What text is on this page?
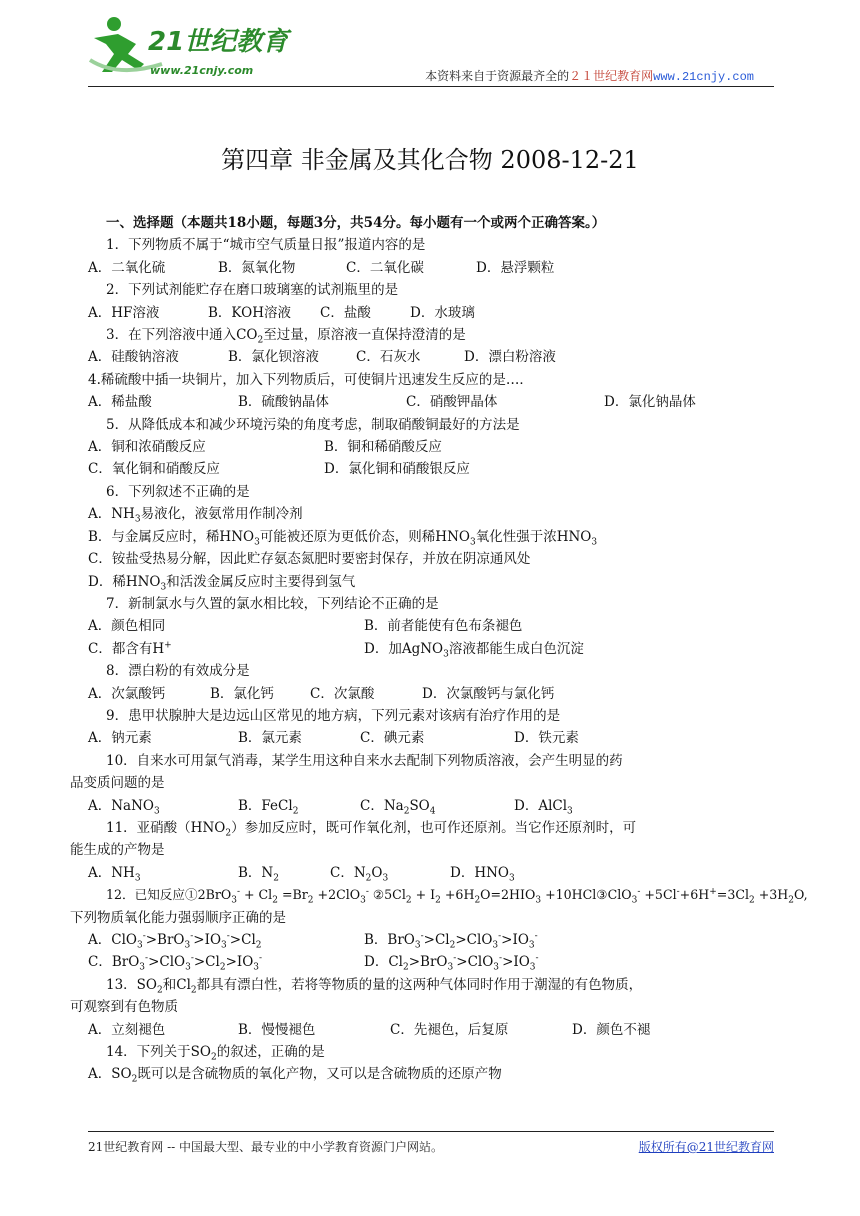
21世纪教育
www.21cnjy.com	本资料来自于资源最齐全的２１世纪教育网www.21cnjy.com
第四章 非金属及其化合物 2008-12-21
一、选择题（本题共18小题，每题3分，共54分。每小题有一个或两个正确答案。）
1．下列物质不属于“城市空气质量日报”报道内容的是
A．二氧化硫	B．氮氧化物	C．二氧化碳	D．悬浮颗粒
2．下列试剂能贮存在磨口玻璃塞的试剂瓶里的是
A．HF溶液	B．KOH溶液	C．盐酸	D．水玻璃
3．在下列溶液中通入$CO_2$至过量，原溶液一直保持澄清的是
A．硅酸钠溶液	B．氯化钡溶液	C．石灰水	D．漂白粉溶液
4.稀硫酸中插一块铜片，加入下列物质后，可使铜片迅速发生反应的是…．
A．稀盐酸	B．硫酸钠晶体	C．硝酸钾晶体	D．氯化钠晶体
5．从降低成本和减少环境污染的角度考虑，制取硝酸铜最好的方法是
A．铜和浓硝酸反应	B．铜和稀硝酸反应
C．氧化铜和硝酸反应	D．氯化铜和硝酸银反应
6．下列叙述不正确的是
A．$NH_3$易液化，液氨常用作制冷剂
B．与金属反应时，稀$HNO_3$可能被还原为更低价态，则稀$HNO_3$氧化性强于浓$HNO_3$
C．铵盐受热易分解，因此贮存氨态氮肥时要密封保存，并放在阴凉通风处
D．稀$HNO_3$和活泼金属反应时主要得到氢气
7．新制氯水与久置的氯水相比较，下列结论不正确的是
A．颜色相同	B．前者能使有色布条褪色
C．都含有H+	D．加AgNO$_3$溶液都能生成白色沉淀
8．漂白粉的有效成分是
A．次氯酸钙	B．氯化钙	C．次氯酸	D．次氯酸钙与氯化钙
9．患甲状腺肿大是边远山区常见的地方病，下列元素对该病有治疗作用的是
A．钠元素	B．氯元素	C．碘元素	D．铁元素
10．自来水可用氯气消毒，某学生用这种自来水去配制下列物质溶液，会产生明显的药
品变质问题的是
A．NaNO$_3$	B．FeCl$_2$	C．$Na_2SO_4$	D．AlCl$_3$
11．亚硝酸$(HNO_2)$参加反应时，既可作氧化剂，也可作还原剂。当它作还原剂时，可
能生成的产物是
A．$NH_3$	B．$N_2$	C．$N_2O_3$	D．$HNO_3$
12．已知反应①2BrO$_3$- + $Cl_2 =Br_2 +2ClO_3^-$ $②5Cl_2 + I_2 +6H_2O=2HIO_3$ +10HCl③ClO$_3$- $+5Cl^-+6H^+=3Cl_2 +3H_2O$,
下列物质氧化能力强弱顺序正确的是
A．$ClO_3^->BrO_3^->IO_3^->Cl_2$	B．$BrO_3^->Cl_2>ClO_3^->IO_3^-$
C．$BrO_3^->ClO_3^->Cl_2>IO_3^-$	D．$Cl_2>BrO_3^->ClO_3^->IO_3^-$
13．$SO_2$和$Cl_2$都具有漂白性，若将等物质的量的这两种气体同时作用于潮湿的有色物质，
可观察到有色物质
A．立刻褪色	B．慢慢褪色	C．先褪色，后复原	D．颜色不褪
14．下列关于$SO_2$的叙述，正确的是
A．$SO_2$既可以是含硫物质的氧化产物，又可以是含硫物质的还原产物
21世纪教育网 -- 中国最大型、最专业的中小学教育资源门户网站。	版权所有@21世纪教育网
